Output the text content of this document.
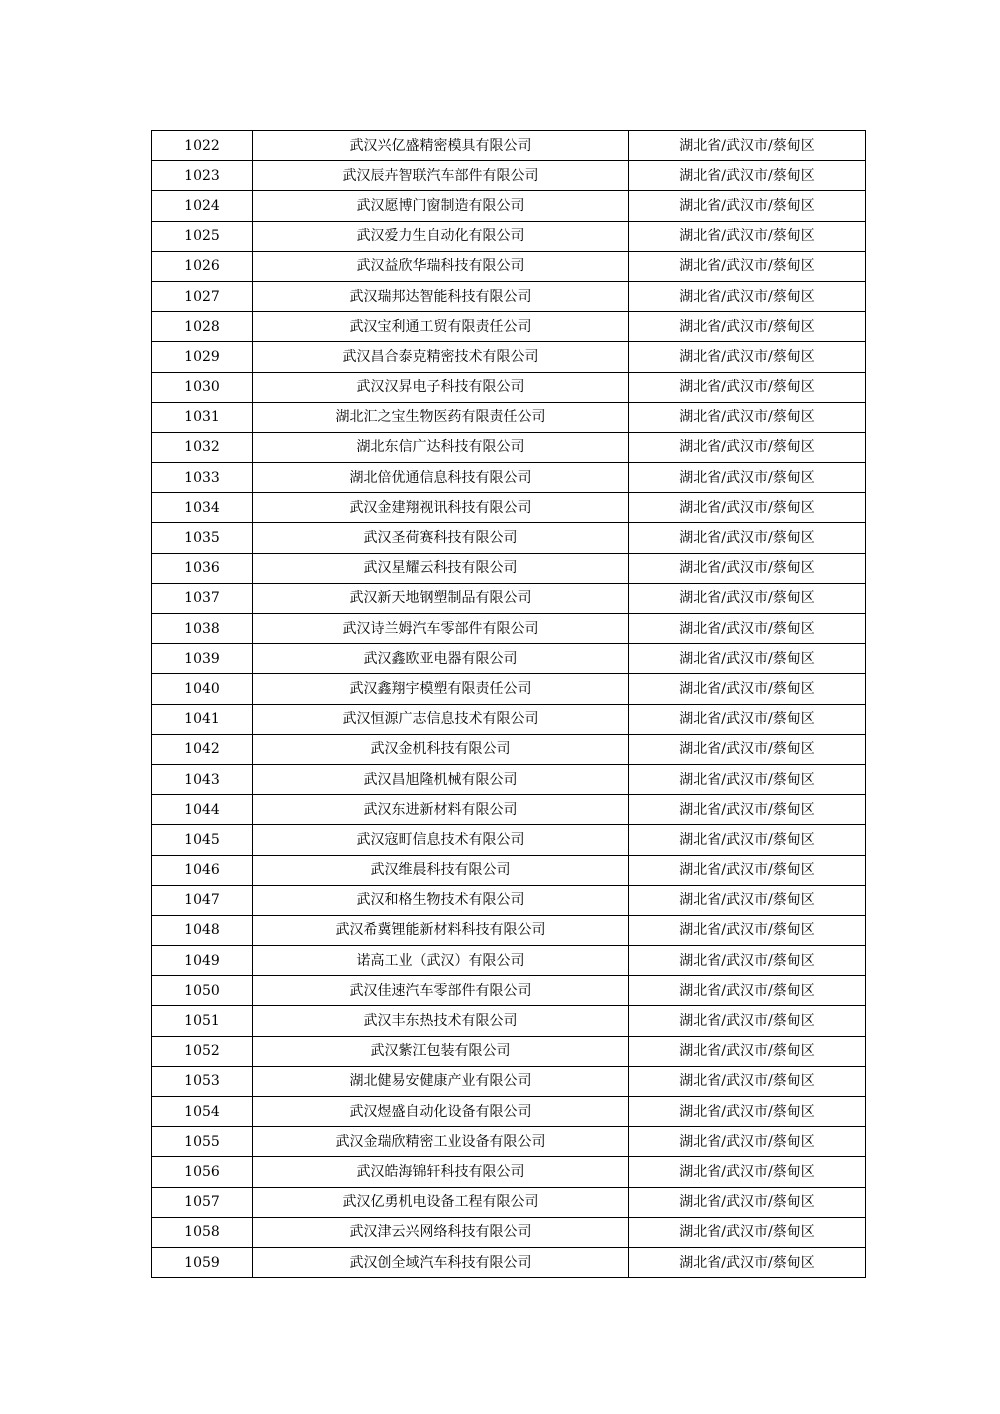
1022	武汉兴亿盛精密模具有限公司	湖北省/武汉市/蔡甸区
1023	武汉辰卉智联汽车部件有限公司	湖北省/武汉市/蔡甸区
1024	武汉愿博门窗制造有限公司	湖北省/武汉市/蔡甸区
1025	武汉爱力生自动化有限公司	湖北省/武汉市/蔡甸区
1026	武汉益欣华瑞科技有限公司	湖北省/武汉市/蔡甸区
1027	武汉瑞邦达智能科技有限公司	湖北省/武汉市/蔡甸区
1028	武汉宝利通工贸有限责任公司	湖北省/武汉市/蔡甸区
1029	武汉昌合泰克精密技术有限公司	湖北省/武汉市/蔡甸区
1030	武汉汉昇电子科技有限公司	湖北省/武汉市/蔡甸区
1031	湖北汇之宝生物医药有限责任公司	湖北省/武汉市/蔡甸区
1032	湖北东信广达科技有限公司	湖北省/武汉市/蔡甸区
1033	湖北倍优通信息科技有限公司	湖北省/武汉市/蔡甸区
1034	武汉金建翔视讯科技有限公司	湖北省/武汉市/蔡甸区
1035	武汉圣荷赛科技有限公司	湖北省/武汉市/蔡甸区
1036	武汉星耀云科技有限公司	湖北省/武汉市/蔡甸区
1037	武汉新天地钢塑制品有限公司	湖北省/武汉市/蔡甸区
1038	武汉诗兰姆汽车零部件有限公司	湖北省/武汉市/蔡甸区
1039	武汉鑫欧亚电器有限公司	湖北省/武汉市/蔡甸区
1040	武汉鑫翔宇模塑有限责任公司	湖北省/武汉市/蔡甸区
1041	武汉恒源广志信息技术有限公司	湖北省/武汉市/蔡甸区
1042	武汉金机科技有限公司	湖北省/武汉市/蔡甸区
1043	武汉昌旭隆机械有限公司	湖北省/武汉市/蔡甸区
1044	武汉东进新材料有限公司	湖北省/武汉市/蔡甸区
1045	武汉寇町信息技术有限公司	湖北省/武汉市/蔡甸区
1046	武汉维晨科技有限公司	湖北省/武汉市/蔡甸区
1047	武汉和格生物技术有限公司	湖北省/武汉市/蔡甸区
1048	武汉希冀锂能新材料科技有限公司	湖北省/武汉市/蔡甸区
1049	诺高工业（武汉）有限公司	湖北省/武汉市/蔡甸区
1050	武汉佳速汽车零部件有限公司	湖北省/武汉市/蔡甸区
1051	武汉丰东热技术有限公司	湖北省/武汉市/蔡甸区
1052	武汉紫江包装有限公司	湖北省/武汉市/蔡甸区
1053	湖北健易安健康产业有限公司	湖北省/武汉市/蔡甸区
1054	武汉煜盛自动化设备有限公司	湖北省/武汉市/蔡甸区
1055	武汉金瑞欣精密工业设备有限公司	湖北省/武汉市/蔡甸区
1056	武汉皓海锦轩科技有限公司	湖北省/武汉市/蔡甸区
1057	武汉亿勇机电设备工程有限公司	湖北省/武汉市/蔡甸区
1058	武汉津云兴网络科技有限公司	湖北省/武汉市/蔡甸区
1059	武汉创全域汽车科技有限公司	湖北省/武汉市/蔡甸区
